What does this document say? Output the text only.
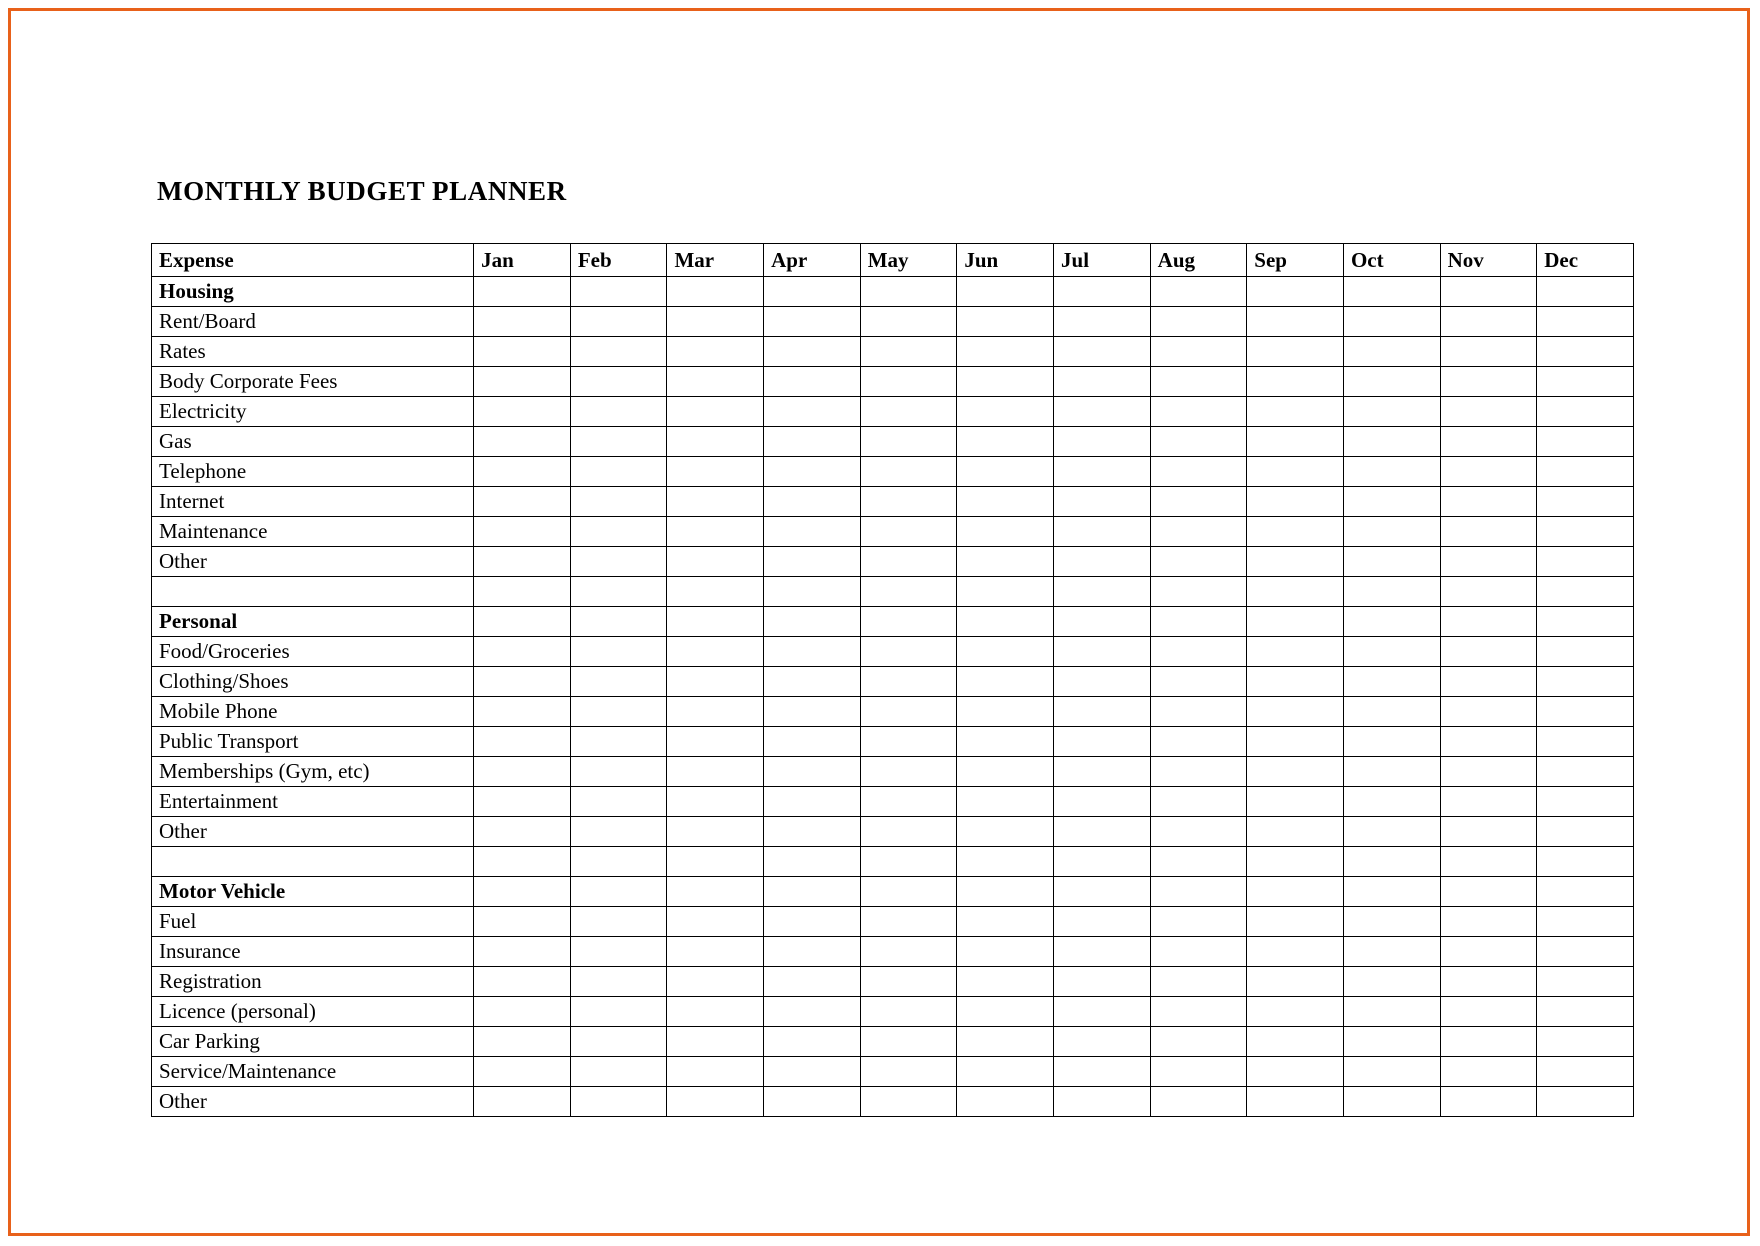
MONTHLY BUDGET PLANNER
Expense	Jan	Feb	Mar	Apr	May	Jun	Jul	Aug	Sep	Oct	Nov	Dec
Housing												
Rent/Board												
Rates												
Body Corporate Fees												
Electricity												
Gas												
Telephone												
Internet												
Maintenance												
Other												

Personal												
Food/Groceries												
Clothing/Shoes												
Mobile Phone												
Public Transport												
Memberships (Gym, etc)												
Entertainment												
Other												

Motor Vehicle												
Fuel												
Insurance												
Registration												
Licence (personal)												
Car Parking												
Service/Maintenance												
Other												
